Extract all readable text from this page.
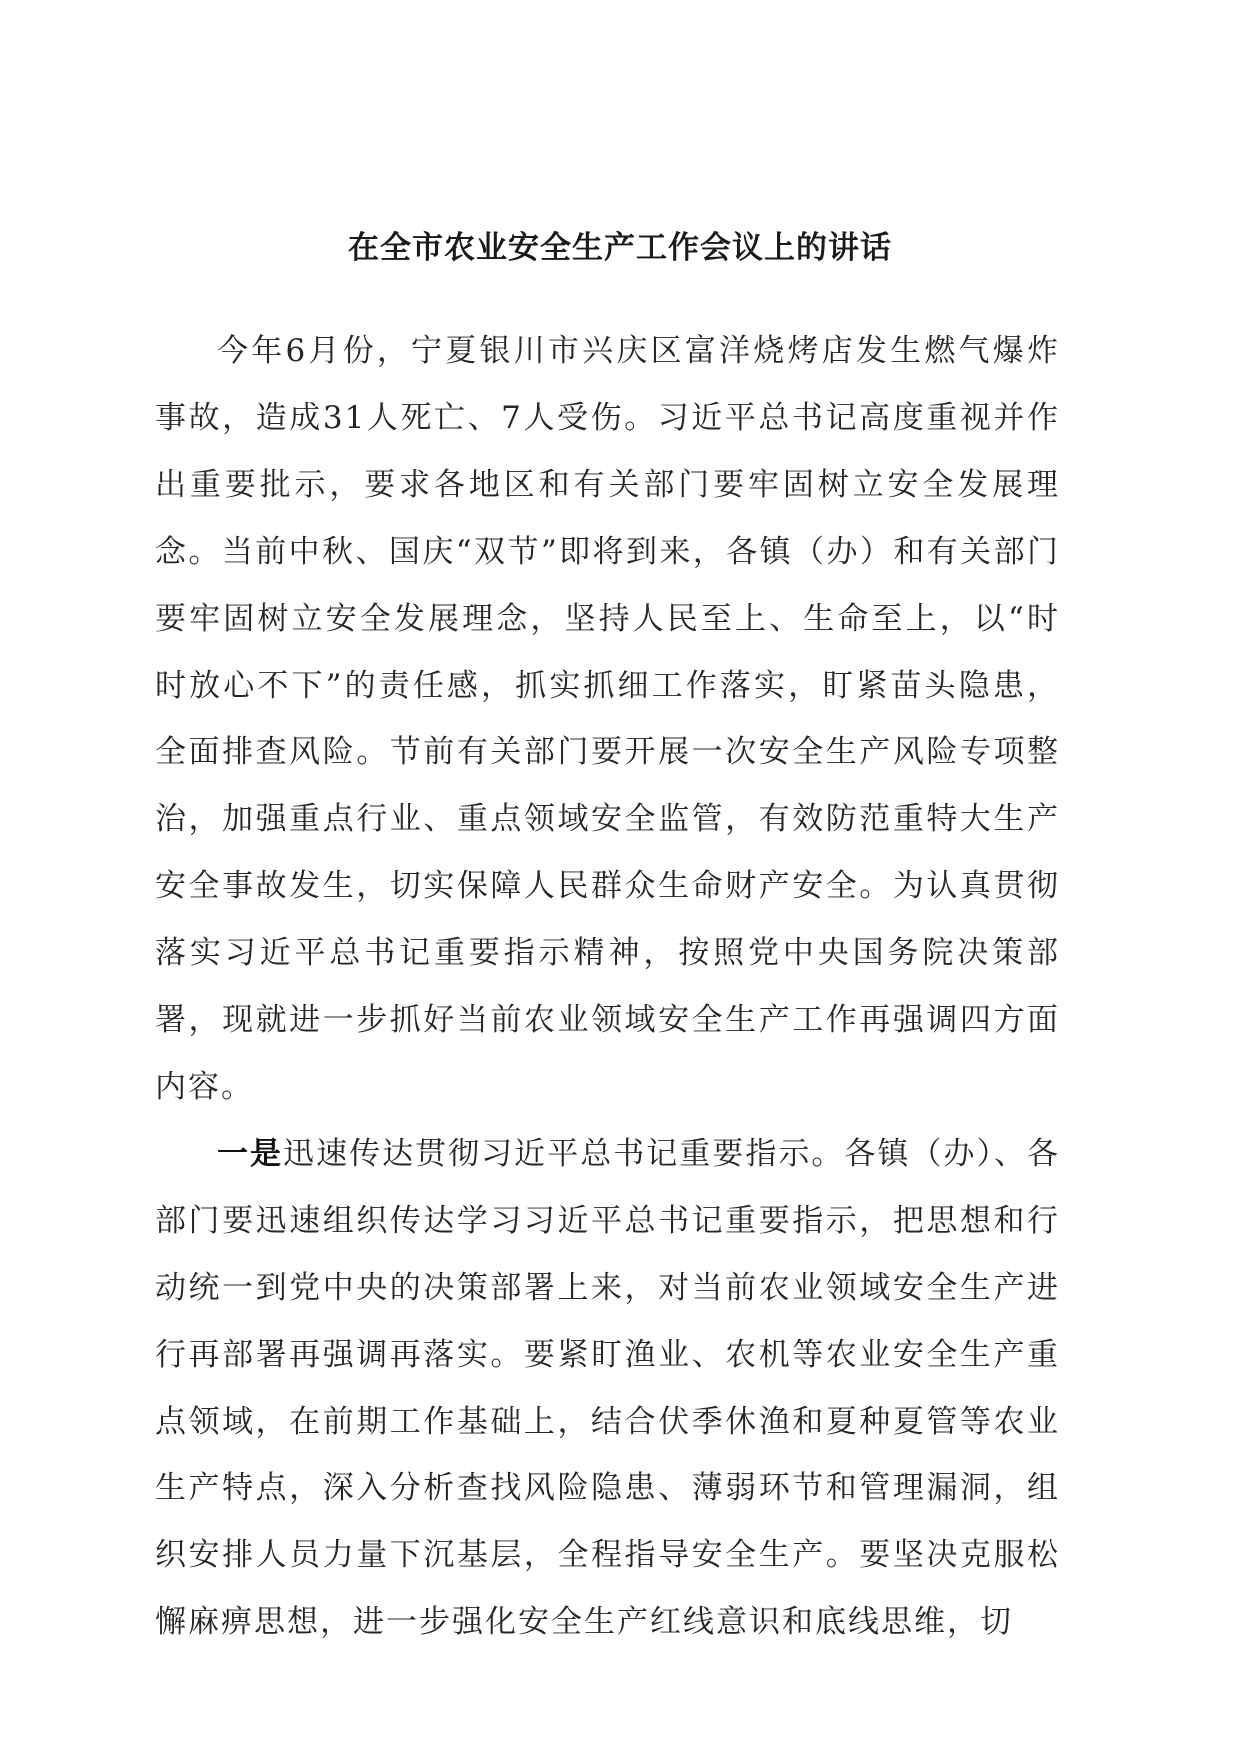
在全市农业安全生产工作会议上的讲话

今年6月份，宁夏银川市兴庆区富洋烧烤店发生燃气爆炸事故，造成31人死亡、7人受伤。习近平总书记高度重视并作出重要批示，要求各地区和有关部门要牢固树立安全发展理念。当前中秋、国庆“双节”即将到来，各镇（办）和有关部门要牢固树立安全发展理念，坚持人民至上、生命至上，以“时时放心不下”的责任感，抓实抓细工作落实，盯紧苗头隐患，全面排查风险。节前有关部门要开展一次安全生产风险专项整治，加强重点行业、重点领域安全监管，有效防范重特大生产安全事故发生，切实保障人民群众生命财产安全。为认真贯彻落实习近平总书记重要指示精神，按照党中央国务院决策部署，现就进一步抓好当前农业领域安全生产工作再强调四方面内容。

一是迅速传达贯彻习近平总书记重要指示。各镇（办）、各部门要迅速组织传达学习习近平总书记重要指示，把思想和行动统一到党中央的决策部署上来，对当前农业领域安全生产进行再部署再强调再落实。要紧盯渔业、农机等农业安全生产重点领域，在前期工作基础上，结合伏季休渔和夏种夏管等农业生产特点，深入分析查找风险隐患、薄弱环节和管理漏洞，组织安排人员力量下沉基层，全程指导安全生产。要坚决克服松懈麻痹思想，进一步强化安全生产红线意识和底线思维，切
